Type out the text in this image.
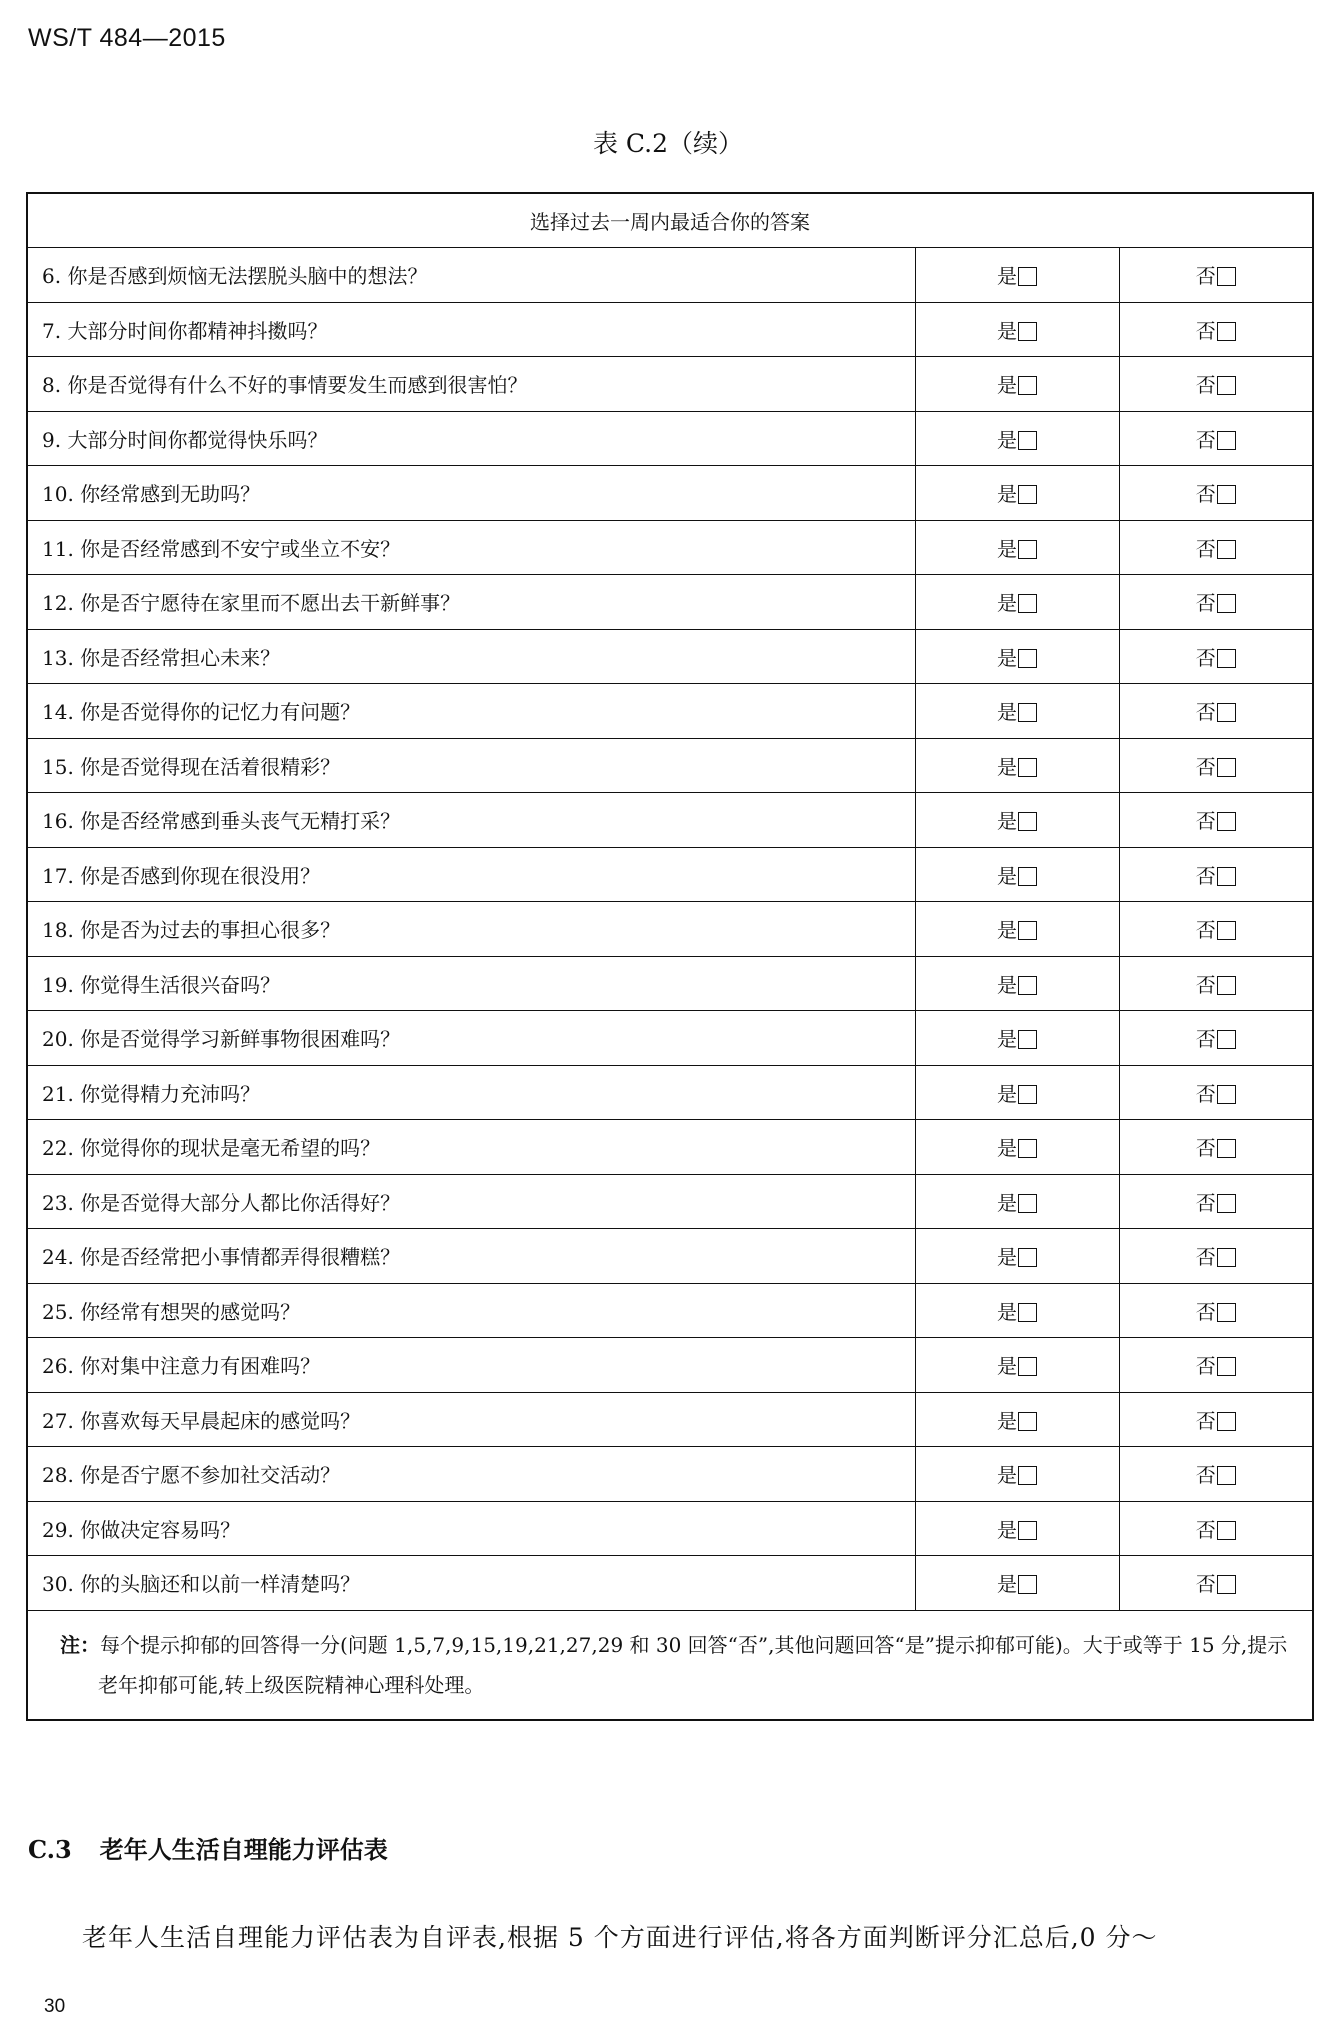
WS/T 484—2015
表 C.2（续）
选择过去一周内最适合你的答案		
6. 你是否感到烦恼无法摆脱头脑中的想法？	是	否
7. 大部分时间你都精神抖擞吗？	是	否
8. 你是否觉得有什么不好的事情要发生而感到很害怕？	是	否
9. 大部分时间你都觉得快乐吗？	是	否
10. 你经常感到无助吗？	是	否
11. 你是否经常感到不安宁或坐立不安？	是	否
12. 你是否宁愿待在家里而不愿出去干新鲜事？	是	否
13. 你是否经常担心未来？	是	否
14. 你是否觉得你的记忆力有问题？	是	否
15. 你是否觉得现在活着很精彩？	是	否
16. 你是否经常感到垂头丧气无精打采？	是	否
17. 你是否感到你现在很没用？	是	否
18. 你是否为过去的事担心很多？	是	否
19. 你觉得生活很兴奋吗？	是	否
20. 你是否觉得学习新鲜事物很困难吗？	是	否
21. 你觉得精力充沛吗？	是	否
22. 你觉得你的现状是毫无希望的吗？	是	否
23. 你是否觉得大部分人都比你活得好？	是	否
24. 你是否经常把小事情都弄得很糟糕？	是	否
25. 你经常有想哭的感觉吗？	是	否
26. 你对集中注意力有困难吗？	是	否
27. 你喜欢每天早晨起床的感觉吗？	是	否
28. 你是否宁愿不参加社交活动？	是	否
29. 你做决定容易吗？	是	否
30. 你的头脑还和以前一样清楚吗？	是	否
注：每个提示抑郁的回答得一分(问题 1,5,7,9,15,19,21,27,29 和 30 回答“否”,其他问题回答“是”提示抑郁可能)。大于或等于 15 分,提示老年抑郁可能,转上级医院精神心理科处理。		
C.3 老年人生活自理能力评估表
老年人生活自理能力评估表为自评表,根据 5 个方面进行评估,将各方面判断评分汇总后,0 分～
30
